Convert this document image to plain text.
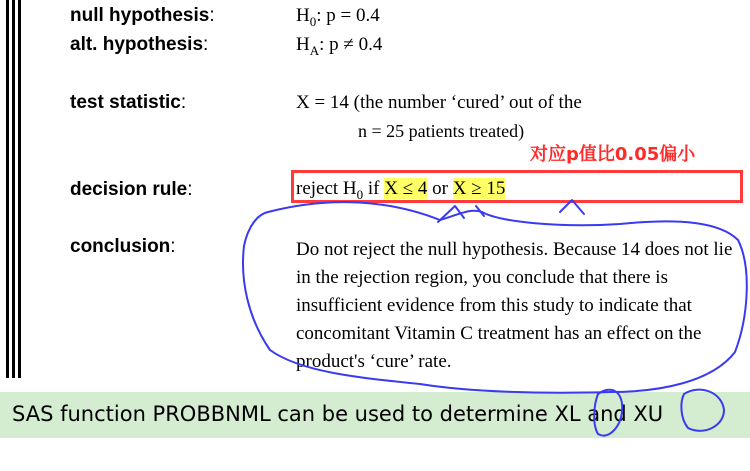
null hypothesis:
alt. hypothesis:
test statistic:
decision rule:
conclusion:
$H_0$: p = 0.4
$H_A$: p ≠ 0.4
X = 14 (the number ‘cured’ out of the
n = 25 patients treated)
reject $H_0$ if X ≤ 4 or X ≥ 15
对应p值比0.05偏小
Do not reject the null hypothesis. Because 14 does not lie in the rejection region, you conclude that there is insufficient evidence from this study to indicate that concomitant Vitamin C treatment has an effect on the product's ‘cure’ rate.
SAS function PROBBNML can be used to determine XL and XU
